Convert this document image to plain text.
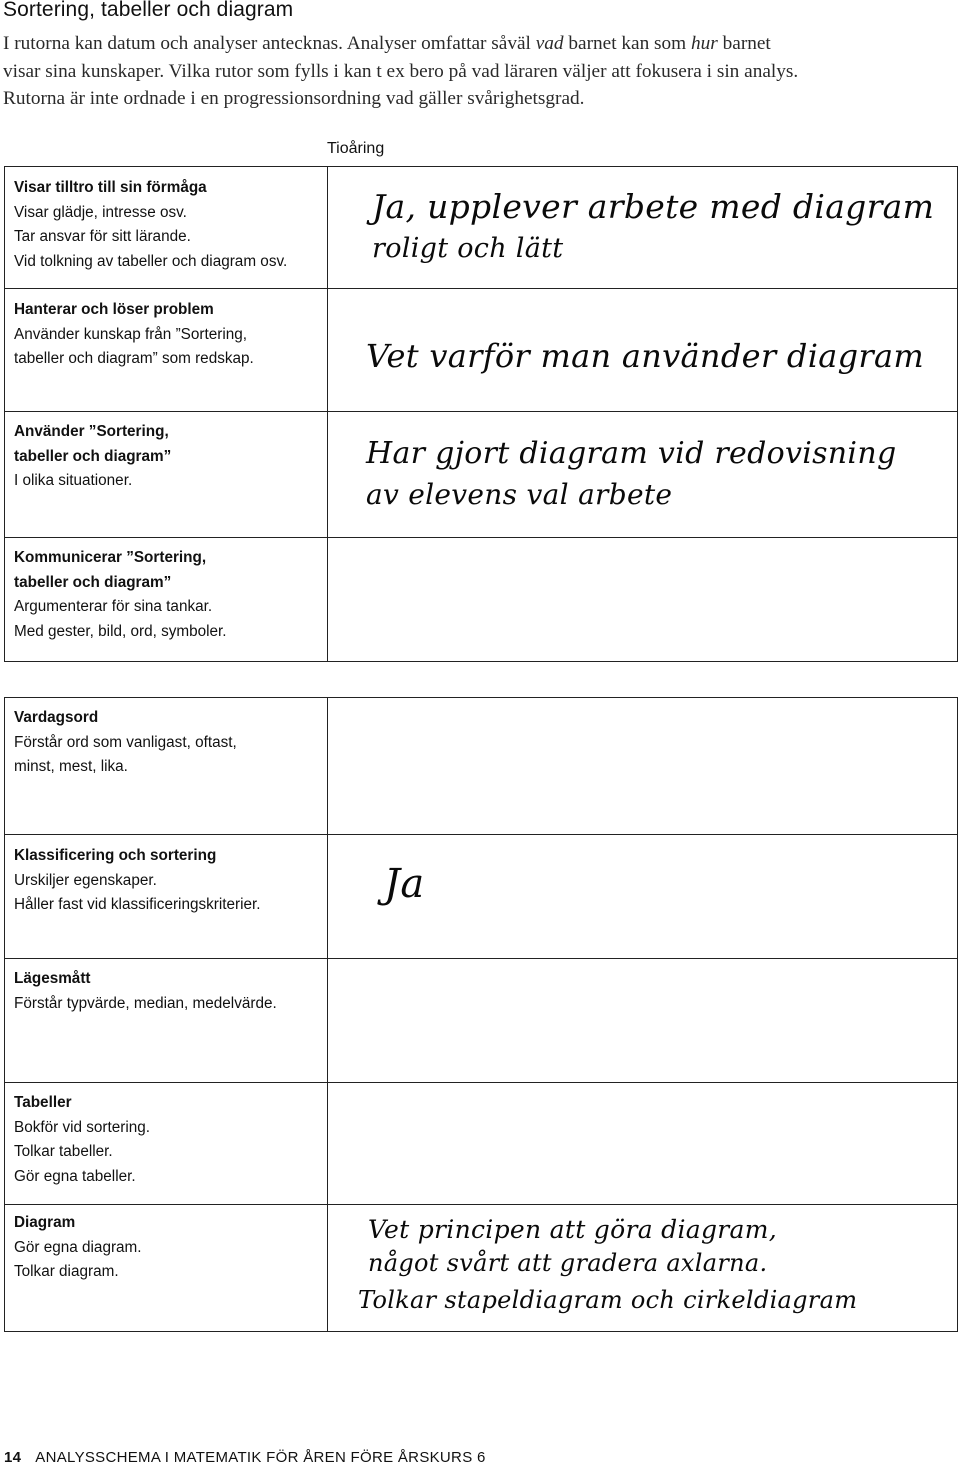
Sortering, tabeller och diagram

I rutorna kan datum och analyser antecknas. Analyser omfattar såväl vad barnet kan som hur barnet

visar sina kunskaper. Vilka rutor som fylls i kan t ex bero på vad läraren väljer att fokusera i sin analys.

Rutorna är inte ordnade i en progressionsordning vad gäller svårighetsgrad.

Tioåring
Visar tilltro till sin förmåga
Visar glädje, intresse osv.
Tar ansvar för sitt lärande.
Vid tolkning av tabeller och diagram osv.
Ja, upplever arbete med diagram
roligt och lätt
Hanterar och löser problem
Använder kunskap från ”Sortering,
tabeller och diagram” som redskap.	Vet varför man använder diagram
Använder ”Sortering,
tabeller och diagram”
I olika situationer.
Har gjort diagram vid redovisning
av elevens val arbete
Kommunicerar ”Sortering,
tabeller och diagram”
Argumenterar för sina tankar.
Med gester, bild, ord, symboler.
Vardagsord
Förstår ord som vanligast, oftast,
minst, mest, lika.
Klassificering och sortering
Urskiljer egenskaper.
Håller fast vid klassificeringskriterier.	Ja
Lägesmått
Förstår typvärde, median, medelvärde.
Tabeller
Bokför vid sortering.
Tolkar tabeller.
Gör egna tabeller.
Diagram
Gör egna diagram.
Tolkar diagram.
Vet principen att göra diagram,
något svårt att gradera axlarna.
Tolkar stapeldiagram och cirkeldiagram
14 ANALYSSCHEMA I MATEMATIK FÖR ÅREN FÖRE ÅRSKURS 6
